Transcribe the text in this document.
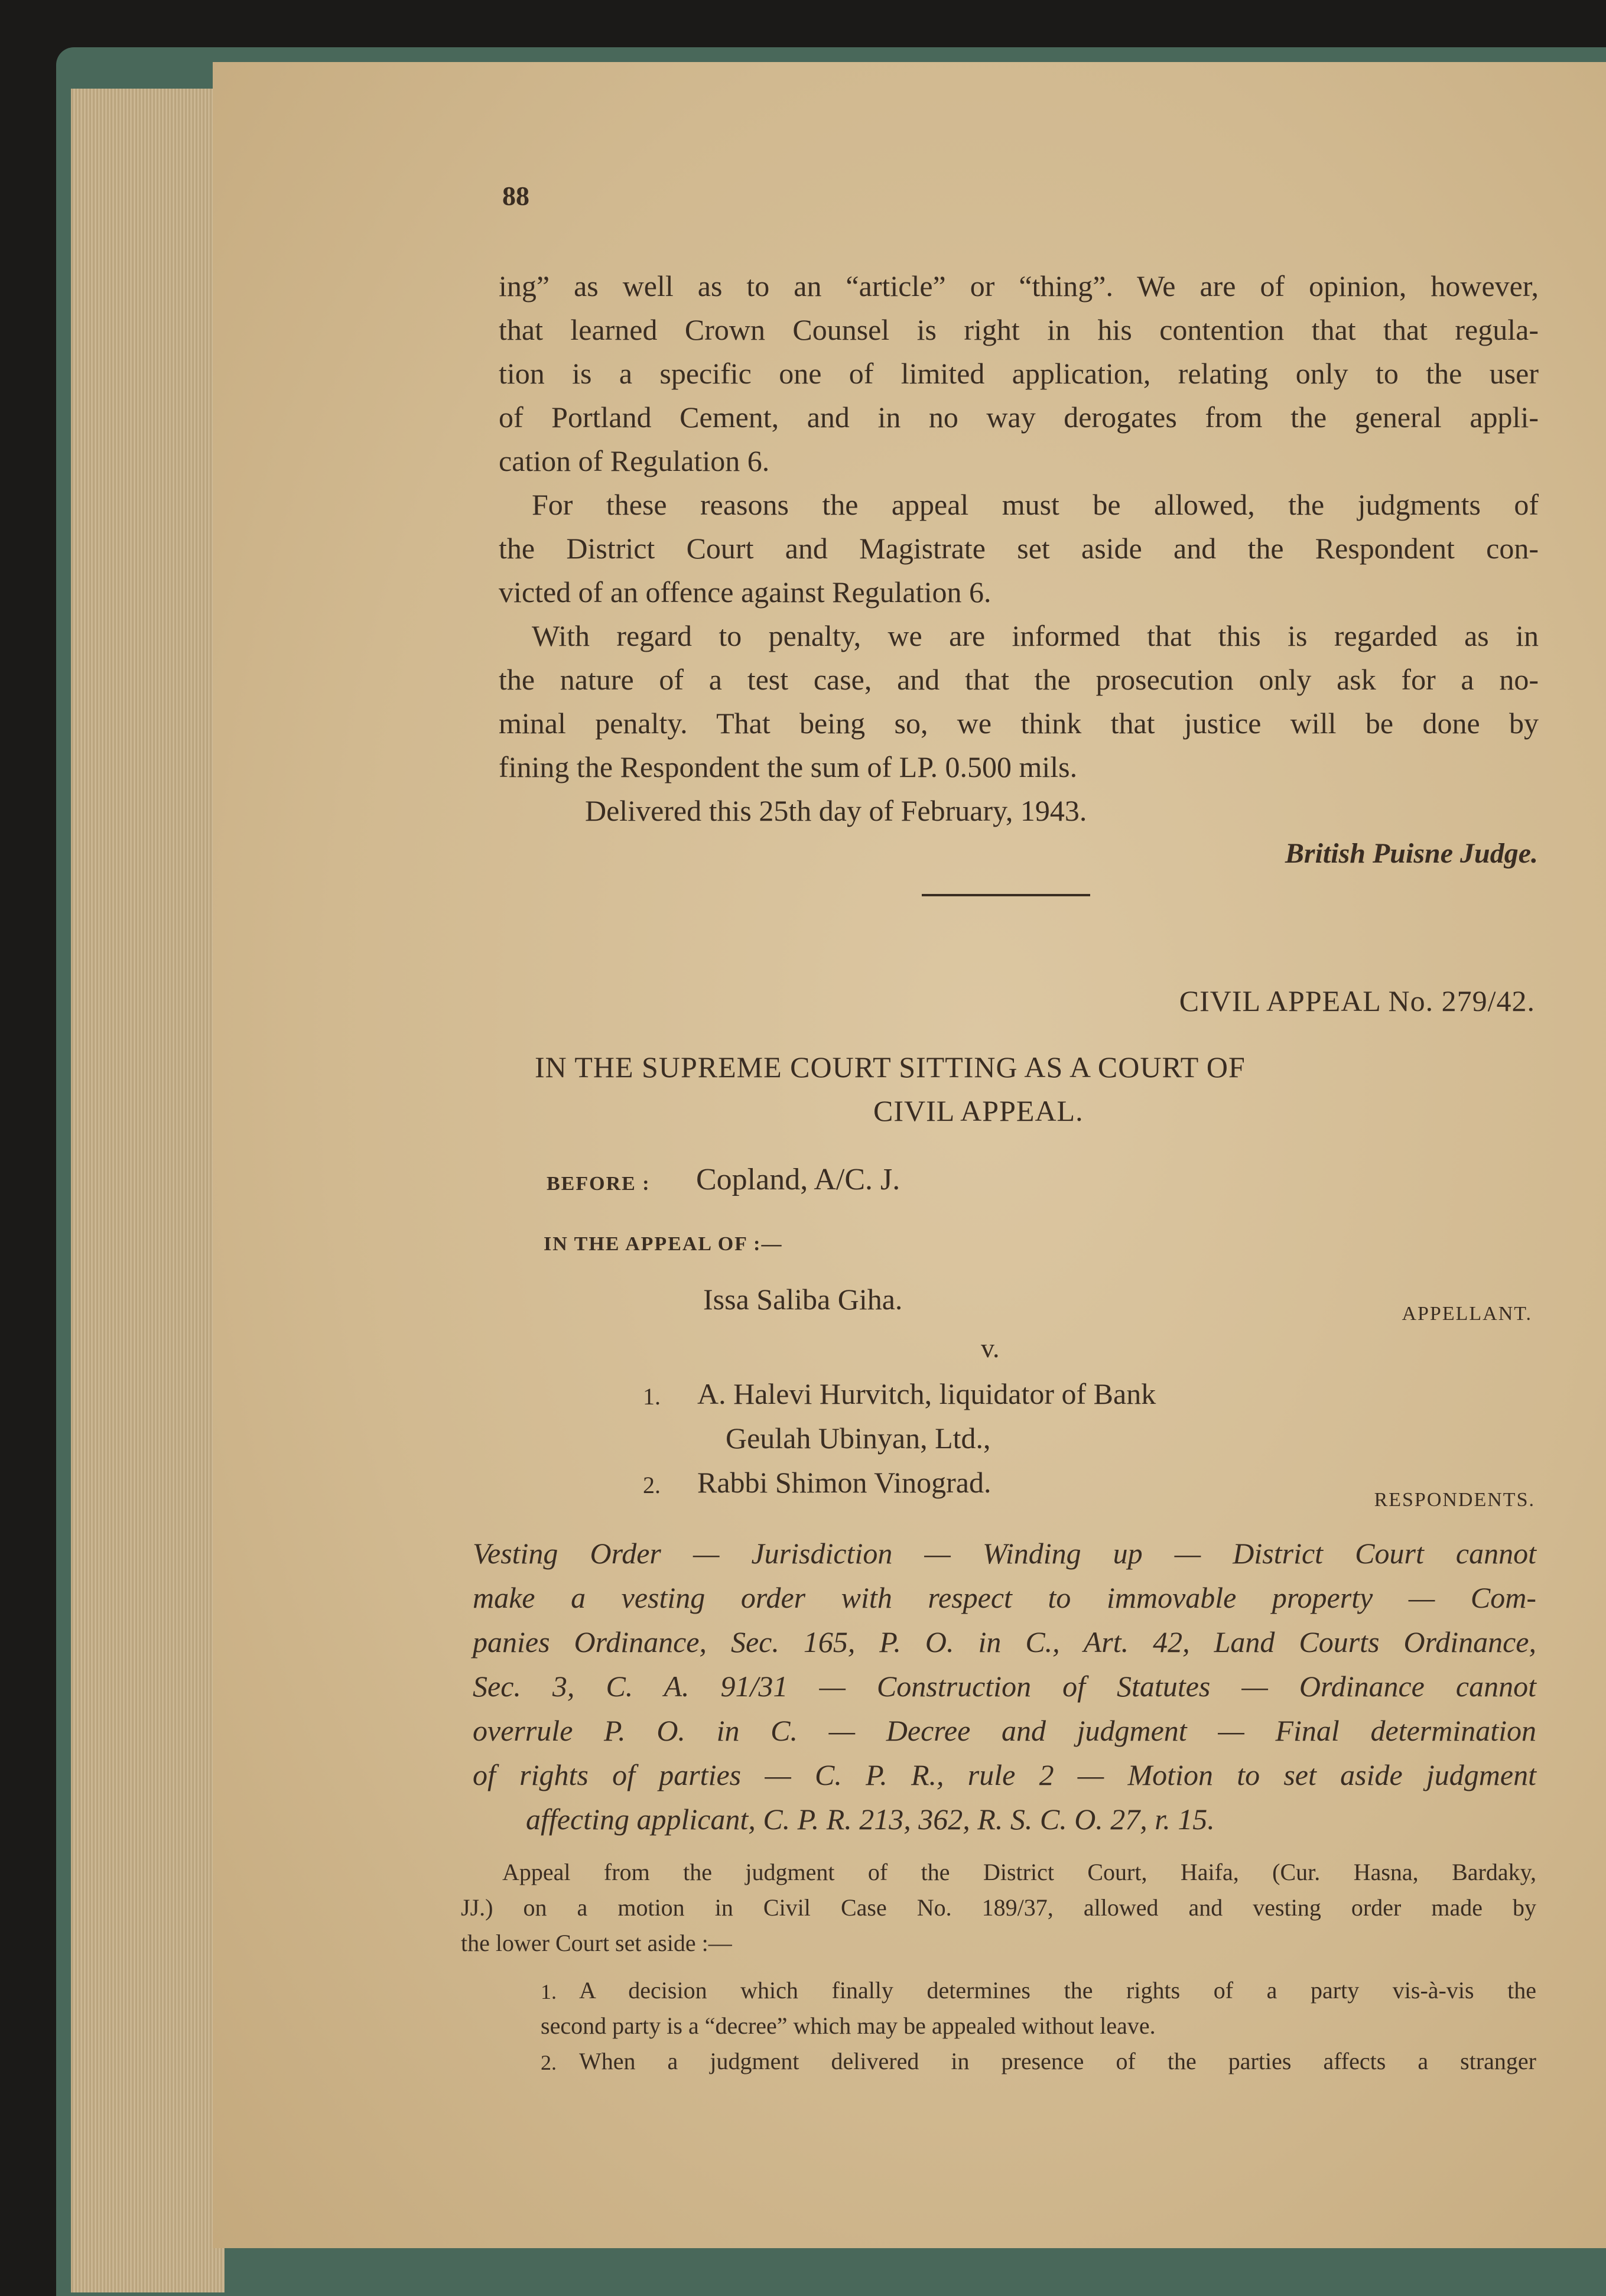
88
ing” as well as to an “article” or “thing”. We are of opinion, however,
that learned Crown Counsel is right in his contention that that regula-
tion is a specific one of limited application, relating only to the user
of Portland Cement, and in no way derogates from the general appli-
cation of Regulation 6.
For these reasons the appeal must be allowed, the judgments of
the District Court and Magistrate set aside and the Respondent con-
victed of an offence against Regulation 6.
With regard to penalty, we are informed that this is regarded as in
the nature of a test case, and that the prosecution only ask for a no-
minal penalty. That being so, we think that justice will be done by
fining the Respondent the sum of LP. 0.500 mils.
Delivered this 25th day of February, 1943.
British Puisne Judge.
CIVIL APPEAL No. 279/42.
IN THE SUPREME COURT SITTING AS A COURT OF
CIVIL APPEAL.
BEFORE : Copland, A/C. J.
IN THE APPEAL OF :—
Issa Saliba Giha.	APPELLANT.
v.
1. A. Halevi Hurvitch, liquidator of Bank
Geulah Ubinyan, Ltd.,
2. Rabbi Shimon Vinograd.
RESPONDENTS.
Vesting Order — Jurisdiction — Winding up — District Court cannot
make a vesting order with respect to immovable property — Com-
panies Ordinance, Sec. 165, P. O. in C., Art. 42, Land Courts Ordinance,
Sec. 3, C. A. 91/31 — Construction of Statutes — Ordinance cannot
overrule P. O. in C. — Decree and judgment — Final determination
of rights of parties — C. P. R., rule 2 — Motion to set aside judgment
affecting applicant, C. P. R. 213, 362, R. S. C. O. 27, r. 15.
Appeal from the judgment of the District Court, Haifa, (Cur. Hasna, Bardaky,
JJ.) on a motion in Civil Case No. 189/37, allowed and vesting order made by
the lower Court set aside :—
1. A decision which finally determines the rights of a party vis-à-vis the
second party is a “decree” which may be appealed without leave.
2. When a judgment delivered in presence of the parties affects a stranger
